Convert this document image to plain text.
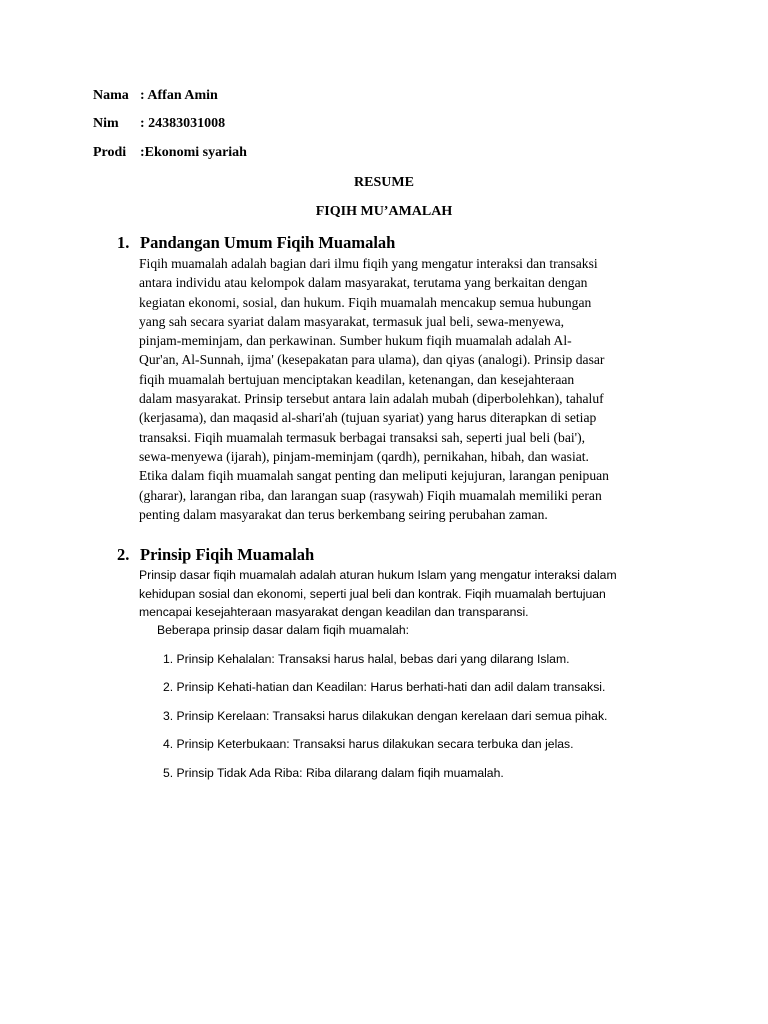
Nama : Affan Amin
Nim : 24383031008
Prodi :Ekonomi syariah
RESUME
FIQIH MU’AMALAH
1. Pandangan Umum Fiqih Muamalah
Fiqih muamalah adalah bagian dari ilmu fiqih yang mengatur interaksi dan transaksi
antara individu atau kelompok dalam masyarakat, terutama yang berkaitan dengan
kegiatan ekonomi, sosial, dan hukum. Fiqih muamalah mencakup semua hubungan
yang sah secara syariat dalam masyarakat, termasuk jual beli, sewa-menyewa,
pinjam-meminjam, dan perkawinan. Sumber hukum fiqih muamalah adalah Al-
Qur'an, Al-Sunnah, ijma' (kesepakatan para ulama), dan qiyas (analogi). Prinsip dasar
fiqih muamalah bertujuan menciptakan keadilan, ketenangan, dan kesejahteraan
dalam masyarakat. Prinsip tersebut antara lain adalah mubah (diperbolehkan), tahaluf
(kerjasama), dan maqasid al-shari'ah (tujuan syariat) yang harus diterapkan di setiap
transaksi. Fiqih muamalah termasuk berbagai transaksi sah, seperti jual beli (bai'),
sewa-menyewa (ijarah), pinjam-meminjam (qardh), pernikahan, hibah, dan wasiat.
Etika dalam fiqih muamalah sangat penting dan meliputi kejujuran, larangan penipuan
(gharar), larangan riba, dan larangan suap (rasywah) Fiqih muamalah memiliki peran
penting dalam masyarakat dan terus berkembang seiring perubahan zaman.
2. Prinsip Fiqih Muamalah
Prinsip dasar fiqih muamalah adalah aturan hukum Islam yang mengatur interaksi dalam
kehidupan sosial dan ekonomi, seperti jual beli dan kontrak. Fiqih muamalah bertujuan
mencapai kesejahteraan masyarakat dengan keadilan dan transparansi.
Beberapa prinsip dasar dalam fiqih muamalah:
1. Prinsip Kehalalan: Transaksi harus halal, bebas dari yang dilarang Islam.
2. Prinsip Kehati-hatian dan Keadilan: Harus berhati-hati dan adil dalam transaksi.
3. Prinsip Kerelaan: Transaksi harus dilakukan dengan kerelaan dari semua pihak.
4. Prinsip Keterbukaan: Transaksi harus dilakukan secara terbuka dan jelas.
5. Prinsip Tidak Ada Riba: Riba dilarang dalam fiqih muamalah.
